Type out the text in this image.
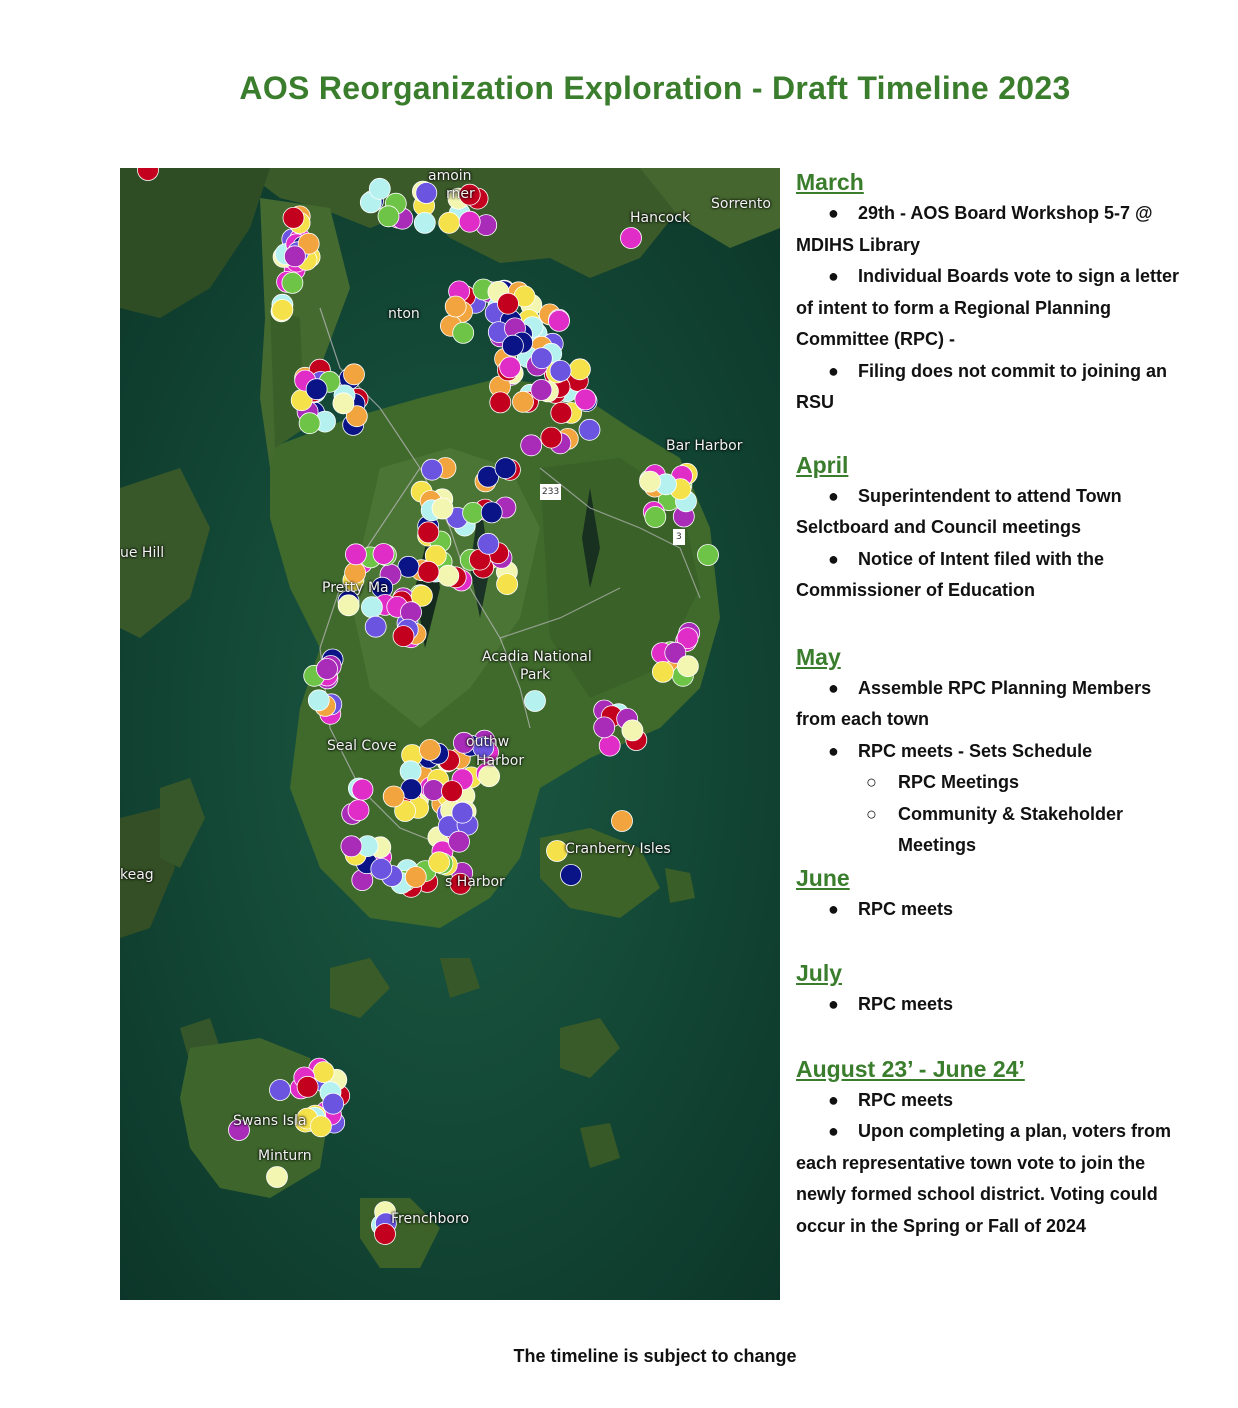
AOS Reorganization Exploration - Draft Timeline 2023
amoin
rner
Hancock
Sorrento
nton
Bar Harbor
ue Hill
Pretty Ma
Acadia National
Park
Seal Cove	outhw
Harbor
Cranberry Isles
keag	s Harbor
Swans Isla
Minturn
Frenchboro
233
3
March
● 29th - AOS Board Workshop 5-7 @ MDIHS Library
● Individual Boards vote to sign a letter of intent to form a Regional Planning Committee (RPC) -
● Filing does not commit to joining an RSU
April
● Superintendent to attend Town Selctboard and Council meetings
● Notice of Intent filed with the Commissioner of Education
May
● Assemble RPC Planning Members from each town
● RPC meets - Sets Schedule
○ RPC Meetings
○ Community & Stakeholder Meetings
June
● RPC meets
July
● RPC meets
August 23’ - June 24’
● RPC meets
● Upon completing a plan, voters from each representative town vote to join the newly formed school district. Voting could occur in the Spring or Fall of 2024
The timeline is subject to change
